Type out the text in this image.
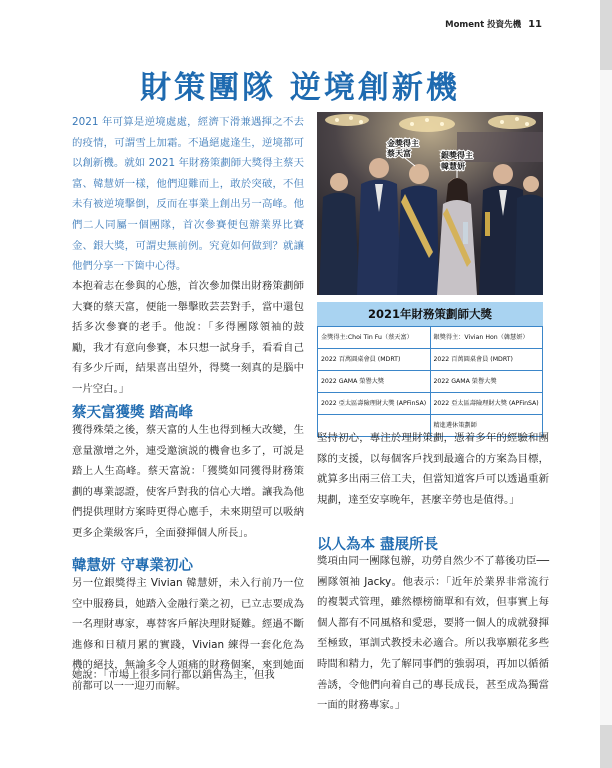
Moment 投資先機 11
財策團隊 逆境創新機
2021 年可算是逆境處處，經濟下滑兼遇揮之不去的疫情，可謂雪上加霜。不過絕處逢生，逆境都可以創新機。就如 2021 年財務策劃師大獎得主蔡天富、韓慧妍一樣，他們迎難而上，敢於突破，不但未有被逆境擊倒，反而在事業上創出另一高峰。他們二人同屬一個團隊，首次參賽便包辦業界比賽金、銀大獎，可謂史無前例。究竟如何做到？就讓他們分享一下箇中心得。
本抱着志在參與的心態，首次參加傑出財務策劃師大賽的蔡天富，便能一舉擊敗芸芸對手，當中還包括多次參賽的老手。他說：「多得團隊領袖的鼓勵，我才有意向參賽，本只想一試身手，看看自己有多少斤両，結果喜出望外，得獎一刻真的是腦中一片空白。」
蔡天富獲獎 踏高峰
獲得殊榮之後，蔡天富的人生也得到極大改變，生意量激增之外，連受邀演説的機會也多了，可説是踏上人生高峰。蔡天富說：「獲獎如同獲得財務策劃的專業認證，使客戶對我的信心大增。讓我為他們提供理財方案時更得心應手，未來期望可以吸納更多企業級客戶，全面發揮個人所長」。
韓慧妍 守專業初心
另一位銀獎得主 Vivian 韓慧妍，未入行前乃一位空中服務員，她踏入金融行業之初，已立志要成為一名理財專家，專替客戶解決理財疑難。經過不斷進修和日積月累的實踐，Vivian 練得一套化危為機的絕技，無論多令人頭痛的財務個案，來到她面前都可以一一迎刃而解。
她說：「市場上很多同行都以銷售為主，但我
金獎得主
蔡天富	銀獎得主
韓慧妍
2021年財務策劃師大獎
金獎得主:Choi Tin Fu（蔡天富）	銀獎得主：Vivian Hon（韓慧妍）
2022 百萬圓桌會員 (MDRT)	2022 百萬圓桌會員 (MDRT)
2022 GAMA 榮譽大獎	2022 GAMA 榮譽大獎
2022 亞太區壽險理財大獎 (APFinSA)	2022 亞太區壽險理財大獎 (APFinSA)
	精進遴休策劃師
堅持初心，專注於理財策劃，憑着多年的經驗和團隊的支援，以每個客戶找到最適合的方案為目標，就算多出兩三倍工夫，但當知道客戶可以透過重新規劃，達至安享晚年，甚麼辛勞也是值得。」
以人為本 盡展所長
獎項由同一團隊包辦，功勞自然少不了幕後功臣──團隊領袖 Jacky。他表示：「近年於業界非常流行的複製式管理，雖然標榜簡單和有效，但事實上每個人都有不同風格和愛惡，要將一個人的成就發揮至極致，軍訓式教授未必適合。所以我寧願花多些時間和精力，先了解同事們的強弱項，再加以循循善誘，令他們向着自己的專長成長，甚至成為獨當一面的財務專家。」
